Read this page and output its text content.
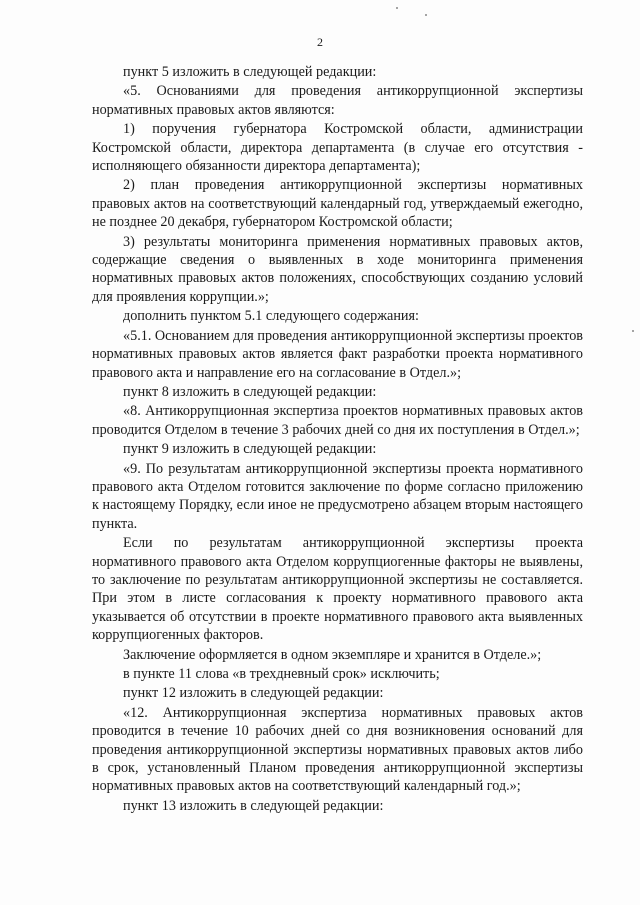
2

пункт 5 изложить в следующей редакции:

«5. Основаниями для проведения антикоррупционной экспертизы нормативных правовых актов являются:

1) поручения губернатора Костромской области, администрации Костромской области, директора департамента (в случае его отсутствия - исполняющего обязанности директора департамента);

2) план проведения антикоррупционной экспертизы нормативных правовых актов на соответствующий календарный год, утверждаемый ежегодно, не позднее 20 декабря, губернатором Костромской области;

3) результаты мониторинга применения нормативных правовых актов, содержащие сведения о выявленных в ходе мониторинга применения нормативных правовых актов положениях, способствующих созданию условий для проявления коррупции.»;

дополнить пунктом 5.1 следующего содержания:

«5.1. Основанием для проведения антикоррупционной экспертизы проектов нормативных правовых актов является факт разработки проекта нормативного правового акта и направление его на согласование в Отдел.»;

пункт 8 изложить в следующей редакции:

«8. Антикоррупционная экспертиза проектов нормативных правовых актов проводится Отделом в течение 3 рабочих дней со дня их поступления в Отдел.»;

пункт 9 изложить в следующей редакции:

«9. По результатам антикоррупционной экспертизы проекта нормативного правового акта Отделом готовится заключение по форме согласно приложению к настоящему Порядку, если иное не предусмотрено абзацем вторым настоящего пункта.

Если по результатам антикоррупционной экспертизы проекта нормативного правового акта Отделом коррупциогенные факторы не выявлены, то заключение по результатам антикоррупционной экспертизы не составляется. При этом в листе согласования к проекту нормативного правового акта указывается об отсутствии в проекте нормативного правового акта выявленных коррупциогенных факторов.

Заключение оформляется в одном экземпляре и хранится в Отделе.»;

в пункте 11 слова «в трехдневный срок» исключить;

пункт 12 изложить в следующей редакции:

«12. Антикоррупционная экспертиза нормативных правовых актов проводится в течение 10 рабочих дней со дня возникновения оснований для проведения антикоррупционной экспертизы нормативных правовых актов либо в срок, установленный Планом проведения антикоррупционной экспертизы нормативных правовых актов на соответствующий календарный год.»;

пункт 13 изложить в следующей редакции:
